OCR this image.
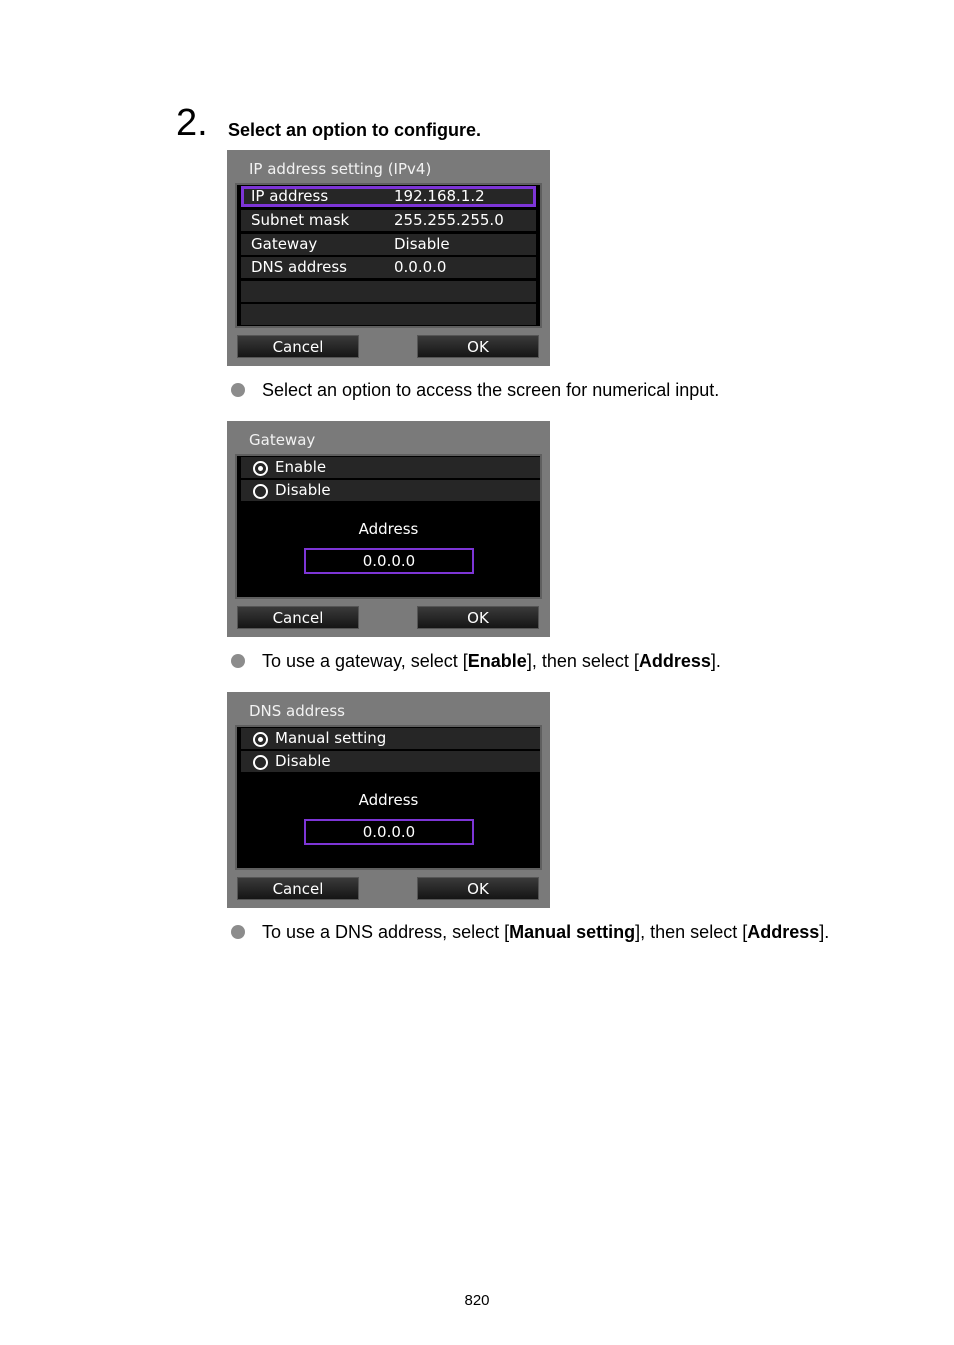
2. Select an option to configure.
IP address setting (IPv4)
IP address	192.168.1.2
Subnet mask	255.255.255.0
Gateway	Disable
DNS address	0.0.0.0
Cancel	OK
Select an option to access the screen for numerical input.
Gateway
Enable
Disable
Address
0.0.0.0
Cancel	OK
To use a gateway, select [Enable], then select [Address].
DNS address
Manual setting
Disable
Address
0.0.0.0
Cancel	OK
To use a DNS address, select [Manual setting], then select [Address].
820
